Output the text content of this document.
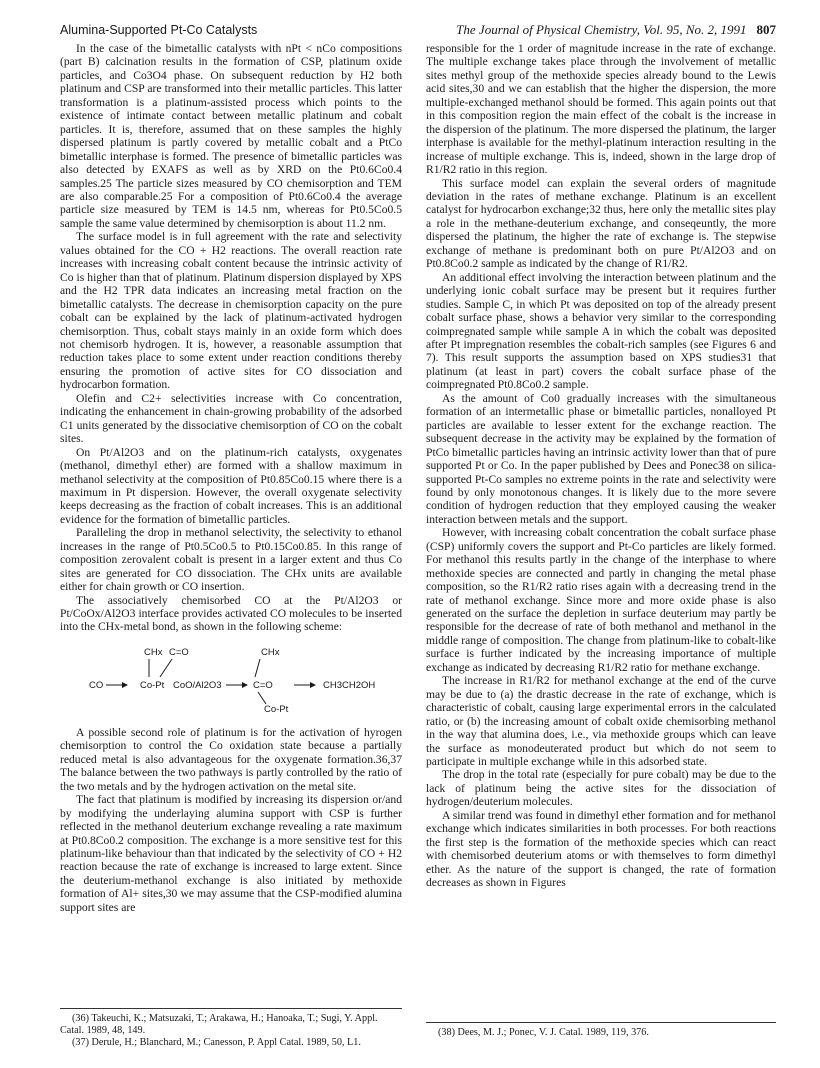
Alumina-Supported Pt-Co Catalysts	The Journal of Physical Chemistry, Vol. 95, No. 2, 1991 807

In the case of the bimetallic catalysts with nPt < nCo compositions (part B) calcination results in the formation of CSP, platinum oxide particles, and Co3O4 phase. On subsequent reduction by H2 both platinum and CSP are transformed into their metallic particles. This latter transformation is a platinum-assisted process which points to the existence of intimate contact between metallic platinum and cobalt particles. It is, therefore, assumed that on these samples the highly dispersed platinum is partly covered by metallic cobalt and a PtCo bimetallic interphase is formed. The presence of bimetallic particles was also detected by EXAFS as well as by XRD on the Pt0.6Co0.4 samples.25 The particle sizes measured by CO chemisorption and TEM are also comparable.25 For a composition of Pt0.6Co0.4 the average particle size measured by TEM is 14.5 nm, whereas for Pt0.5Co0.5 sample the same value determined by chemisorption is about 11.2 nm.

The surface model is in full agreement with the rate and selectivity values obtained for the CO + H2 reactions. The overall reaction rate increases with increasing cobalt content because the intrinsic activity of Co is higher than that of platinum. Platinum dispersion displayed by XPS and the H2 TPR data indicates an increasing metal fraction on the bimetallic catalysts. The decrease in chemisorption capacity on the pure cobalt can be explained by the lack of platinum-activated hydrogen chemisorption. Thus, cobalt stays mainly in an oxide form which does not chemisorb hydrogen. It is, however, a reasonable assumption that reduction takes place to some extent under reaction conditions thereby ensuring the promotion of active sites for CO dissociation and hydrocarbon formation.

Olefin and C2+ selectivities increase with Co concentration, indicating the enhancement in chain-growing probability of the adsorbed C1 units generated by the dissociative chemisorption of CO on the cobalt sites.

On Pt/Al2O3 and on the platinum-rich catalysts, oxygenates (methanol, dimethyl ether) are formed with a shallow maximum in methanol selectivity at the composition of Pt0.85Co0.15 where there is a maximum in Pt dispersion. However, the overall oxygenate selectivity keeps decreasing as the fraction of cobalt increases. This is an additional evidence for the formation of bimetallic particles.

Paralleling the drop in methanol selectivity, the selectivity to ethanol increases in the range of Pt0.5Co0.5 to Pt0.15Co0.85. In this range of composition zerovalent cobalt is present in a larger extent and thus Co sites are generated for CO dissociation. The CHx units are available either for chain growth or CO insertion.

The associatively chemisorbed CO at the Pt/Al2O3 or Pt/CoOx/Al2O3 interface provides activated CO molecules to be inserted into the CHx-metal bond, as shown in the following scheme:

CO
CHx C=O
Co-Pt CoO/Al2O3
CHx
C=O
Co-Pt
CH3CH2OH

A possible second role of platinum is for the activation of hyrogen chemisorption to control the Co oxidation state because a partially reduced metal is also advantageous for the oxygenate formation.36,37 The balance between the two pathways is partly controlled by the ratio of the two metals and by the hydrogen activation on the metal site.

The fact that platinum is modified by increasing its dispersion or/and by modifying the underlaying alumina support with CSP is further reflected in the methanol deuterium exchange revealing a rate maximum at Pt0.8Co0.2 composition. The exchange is a more sensitive test for this platinum-like behaviour than that indicated by the selectivity of CO + H2 reaction because the rate of exchange is increased to large extent. Since the deuterium-methanol exchange is also initiated by methoxide formation of Al+ sites,30 we may assume that the CSP-modified alumina support sites are

(36) Takeuchi, K.; Matsuzaki, T.; Arakawa, H.; Hanoaka, T.; Sugi, Y. Appl. Catal. 1989, 48, 149.

(37) Derule, H.; Blanchard, M.; Canesson, P. Appl Catal. 1989, 50, L1.

responsible for the 1 order of magnitude increase in the rate of exchange. The multiple exchange takes place through the involvement of metallic sites methyl group of the methoxide species already bound to the Lewis acid sites,30 and we can establish that the higher the dispersion, the more multiple-exchanged methanol should be formed. This again points out that in this composition region the main effect of the cobalt is the increase in the dispersion of the platinum. The more dispersed the platinum, the larger interphase is available for the methyl-platinum interaction resulting in the increase of multiple exchange. This is, indeed, shown in the large drop of R1/R2 ratio in this region.

This surface model can explain the several orders of magnitude deviation in the rates of methane exchange. Platinum is an excellent catalyst for hydrocarbon exchange;32 thus, here only the metallic sites play a role in the methane-deuterium exchange, and conseqeuntly, the more dispersed the platinum, the higher the rate of exchange is. The stepwise exchange of methane is predominant both on pure Pt/Al2O3 and on Pt0.8Co0.2 sample as indicated by the change of R1/R2.

An additional effect involving the interaction between platinum and the underlying ionic cobalt surface may be present but it requires further studies. Sample C, in which Pt was deposited on top of the already present cobalt surface phase, shows a behavior very similar to the corresponding coimpregnated sample while sample A in which the cobalt was deposited after Pt impregnation resembles the cobalt-rich samples (see Figures 6 and 7). This result supports the assumption based on XPS studies31 that platinum (at least in part) covers the cobalt surface phase of the coimpregnated Pt0.8Co0.2 sample.

As the amount of Co0 gradually increases with the simultaneous formation of an intermetallic phase or bimetallic particles, nonalloyed Pt particles are available to lesser extent for the exchange reaction. The subsequent decrease in the activity may be explained by the formation of PtCo bimetallic particles having an intrinsic activity lower than that of pure supported Pt or Co. In the paper published by Dees and Ponec38 on silica-supported Pt-Co samples no extreme points in the rate and selectivity were found by only monotonous changes. It is likely due to the more severe condition of hydrogen reduction that they employed causing the weaker interaction between metals and the support.

However, with increasing cobalt concentration the cobalt surface phase (CSP) uniformly covers the support and Pt-Co particles are likely formed. For methanol this results partly in the change of the interphase to where methoxide species are connected and partly in changing the metal phase composition, so the R1/R2 ratio rises again with a decreasing trend in the rate of methanol exchange. Since more and more oxide phase is also generated on the surface the depletion in surface deuterium may partly be responsible for the decrease of rate of both methanol and methanol in the middle range of composition. The change from platinum-like to cobalt-like surface is further indicated by the increasing importance of multiple exchange as indicated by decreasing R1/R2 ratio for methane exchange.

The increase in R1/R2 for methanol exchange at the end of the curve may be due to (a) the drastic decrease in the rate of exchange, which is characteristic of cobalt, causing large experimental errors in the calculated ratio, or (b) the increasing amount of cobalt oxide chemisorbing methanol in the way that alumina does, i.e., via methoxide groups which can leave the surface as monodeuterated product but which do not seem to participate in multiple exchange while in this adsorbed state.

The drop in the total rate (especially for pure cobalt) may be due to the lack of platinum being the active sites for the dissociation of hydrogen/deuterium molecules.

A similar trend was found in dimethyl ether formation and for methanol exchange which indicates similarities in both processes. For both reactions the first step is the formation of the methoxide species which can react with chemisorbed deuterium atoms or with themselves to form dimethyl ether. As the nature of the support is changed, the rate of formation decreases as shown in Figures

(38) Dees, M. J.; Ponec, V. J. Catal. 1989, 119, 376.
